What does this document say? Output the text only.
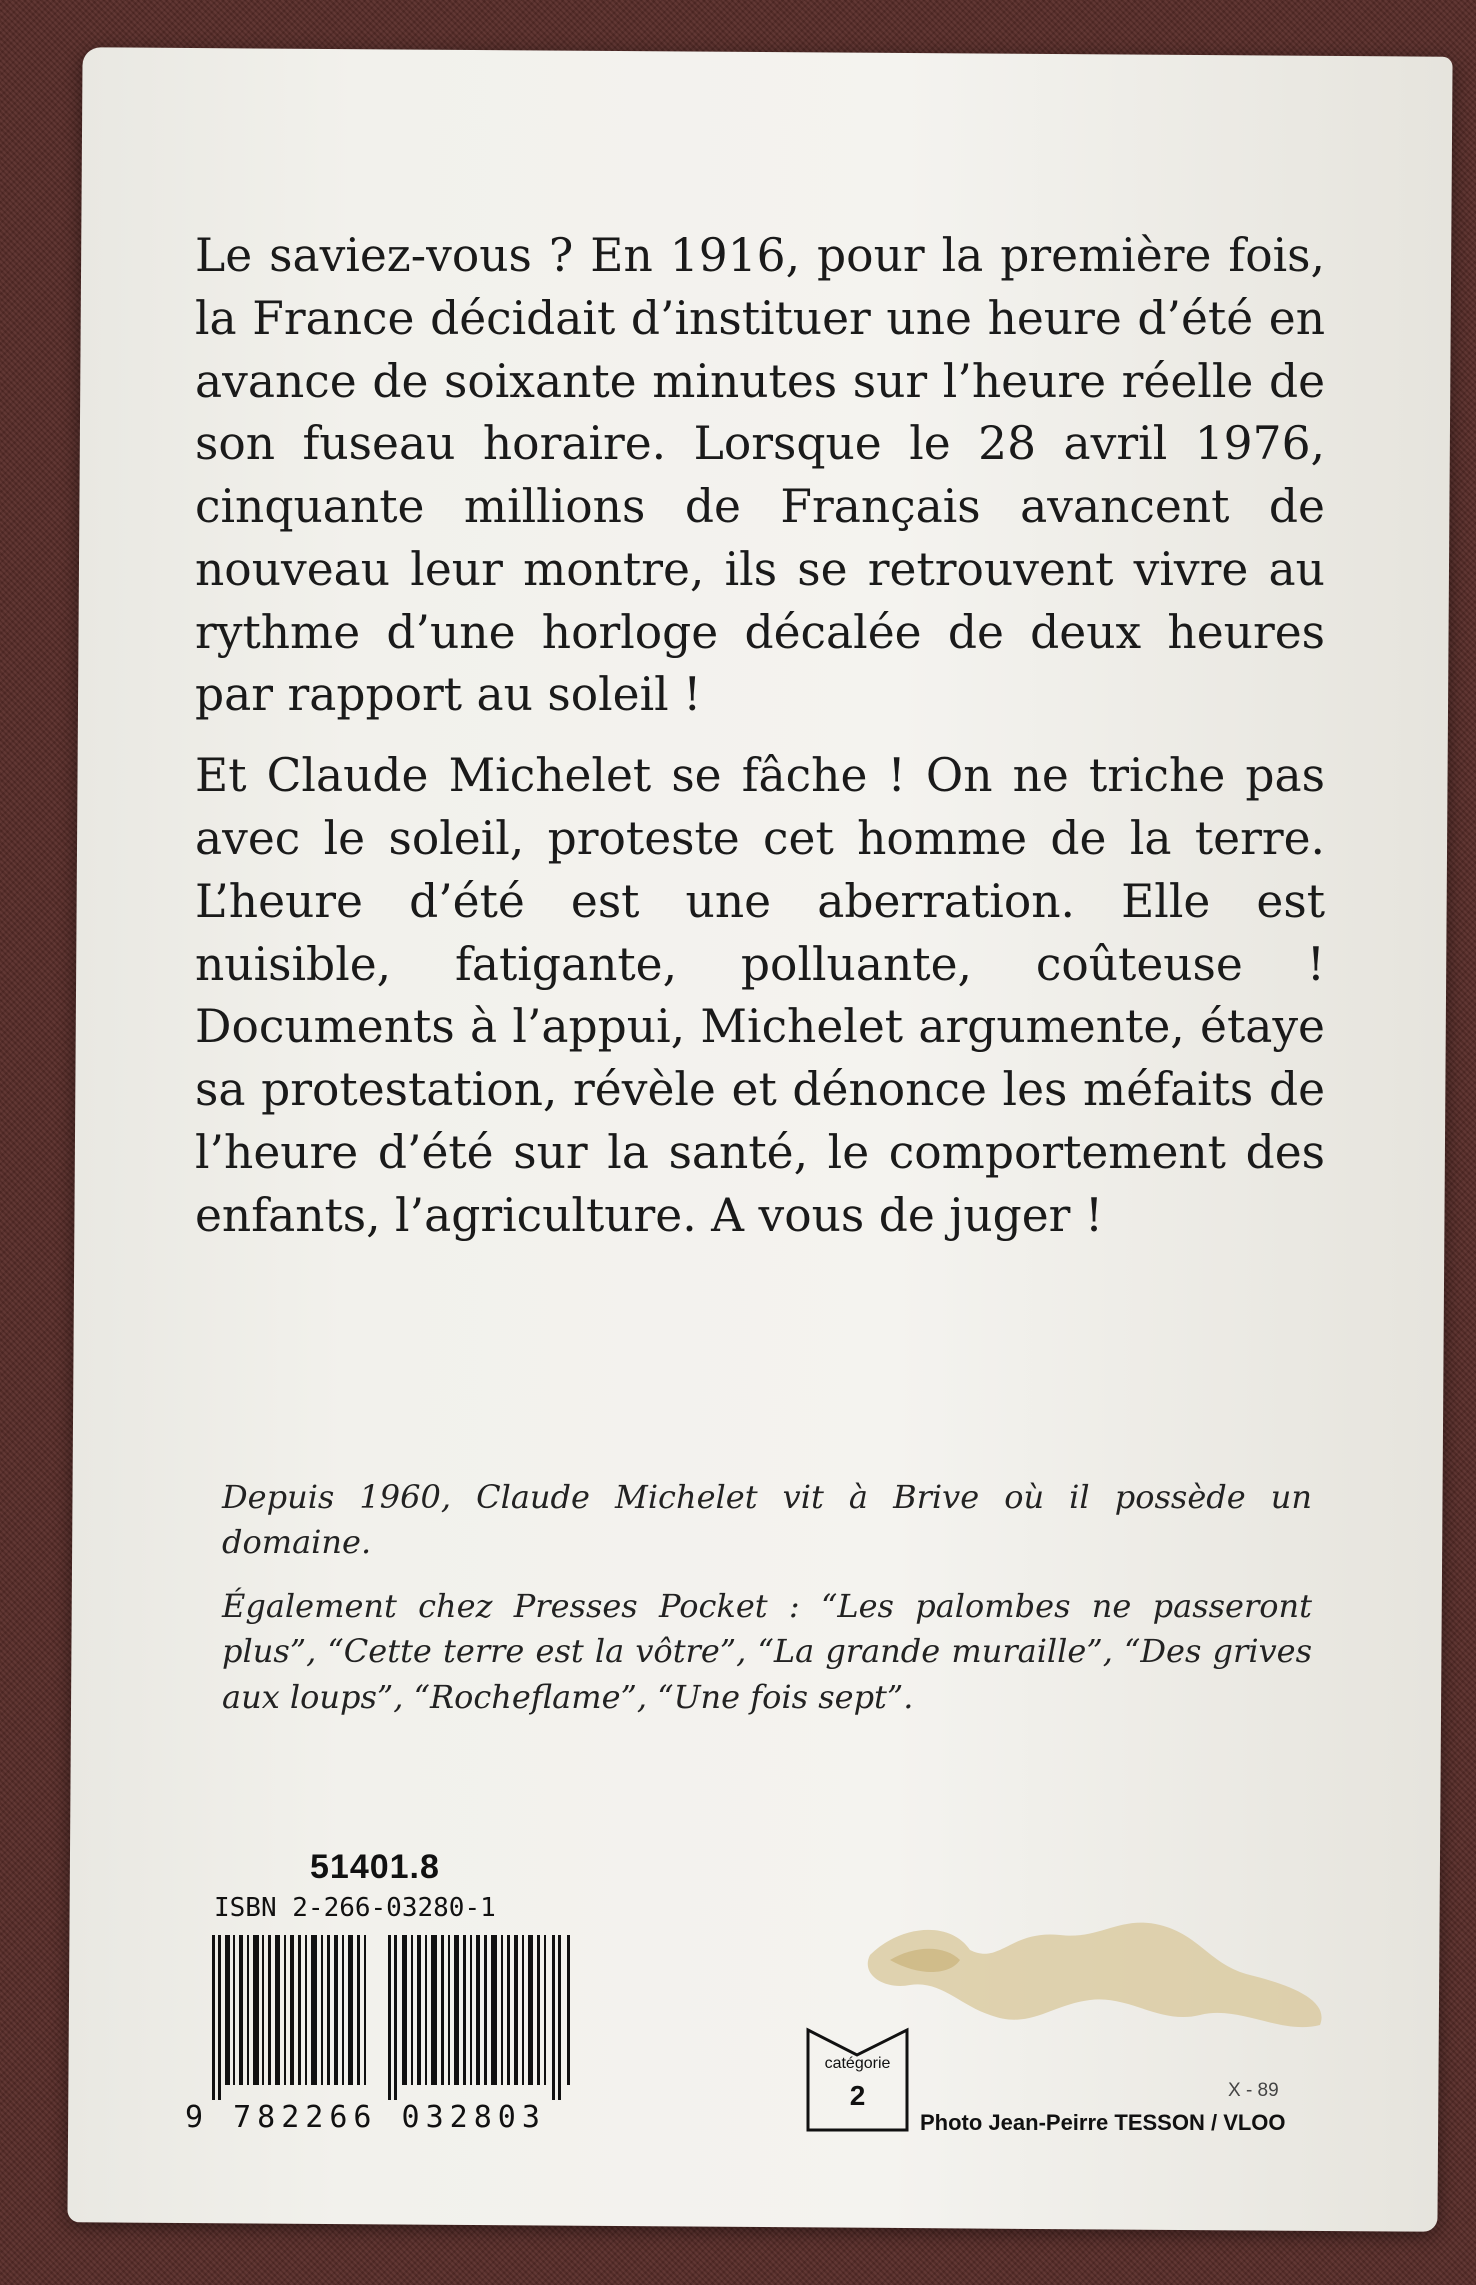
Le saviez-vous ? En 1916, pour la première fois, la France décidait d’instituer une heure d’été en avance de soixante minutes sur l’heure réelle de son fuseau horaire. Lorsque le 28 avril 1976, cinquante millions de Français avancent de nouveau leur montre, ils se retrouvent vivre au rythme d’une horloge décalée de deux heures par rapport au soleil !

Et Claude Michelet se fâche ! On ne triche pas avec le soleil, proteste cet homme de la terre. L’heure d’été est une aberration. Elle est nuisible, fatigante, polluante, coûteuse ! Documents à l’appui, Michelet argumente, étaye sa protestation, révèle et dénonce les méfaits de l’heure d’été sur la santé, le comportement des enfants, l’agriculture. A vous de juger !

Depuis 1960, Claude Michelet vit à Brive où il possède un domaine.

Également chez Presses Pocket : “Les palombes ne passeront plus”, “Cette terre est la vôtre”, “La grande muraille”, “Des grives aux loups”, “Rocheflame”, “Une fois sept”.

51401.8
ISBN 2-266-03280-1
9 782266 032803
catégorie
2	X - 89
Photo Jean-Peirre TESSON / VLOO
